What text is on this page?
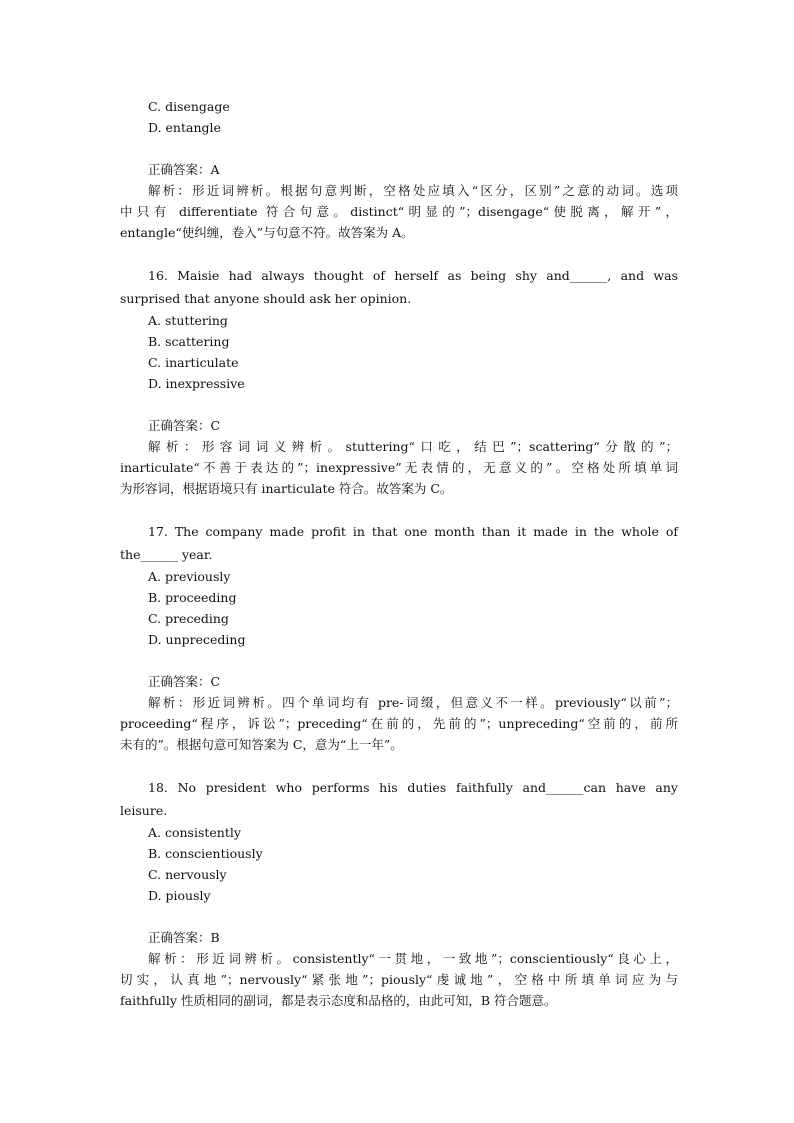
C. disengage
D. entangle
正确答案：A
解析：形近词辨析。根据句意判断，空格处应填入“区分，区别”之意的动词。选项
中只有 differentiate 符合句意。distinct“明显的”；disengage“使脱离，解开”，
entangle“使纠缠，卷入”与句意不符。故答案为 A。
16. Maisie had always thought of herself as being shy and______, and was
surprised that anyone should ask her opinion.
A. stuttering
B. scattering
C. inarticulate
D. inexpressive
正确答案：C
解析：形容词词义辨析。stuttering“口吃，结巴”；scattering“分散的”；
inarticulate“不善于表达的”；inexpressive”无表情的，无意义的”。空格处所填单词
为形容词，根据语境只有 inarticulate 符合。故答案为 C。
17. The company made profit in that one month than it made in the whole of
the______ year.
A. previously
B. proceeding
C. preceding
D. unpreceding
正确答案：C
解析：形近词辨析。四个单词均有 pre-词缀，但意义不一样。previously“以前”；
proceeding“程序，诉讼”；preceding“在前的，先前的”；unpreceding“空前的，前所
未有的”。根据句意可知答案为 C，意为“上一年”。
18. No president who performs his duties faithfully and______can have any
leisure.
A. consistently
B. conscientiously
C. nervously
D. piously
正确答案：B
解析：形近词辨析。consistently“一贯地，一致地”；conscientiously“良心上，
切实，认真地”；nervously“紧张地”；piously“虔诚地”，空格中所填单词应为与
faithfully 性质相同的副词，都是表示态度和品格的，由此可知，B 符合题意。
